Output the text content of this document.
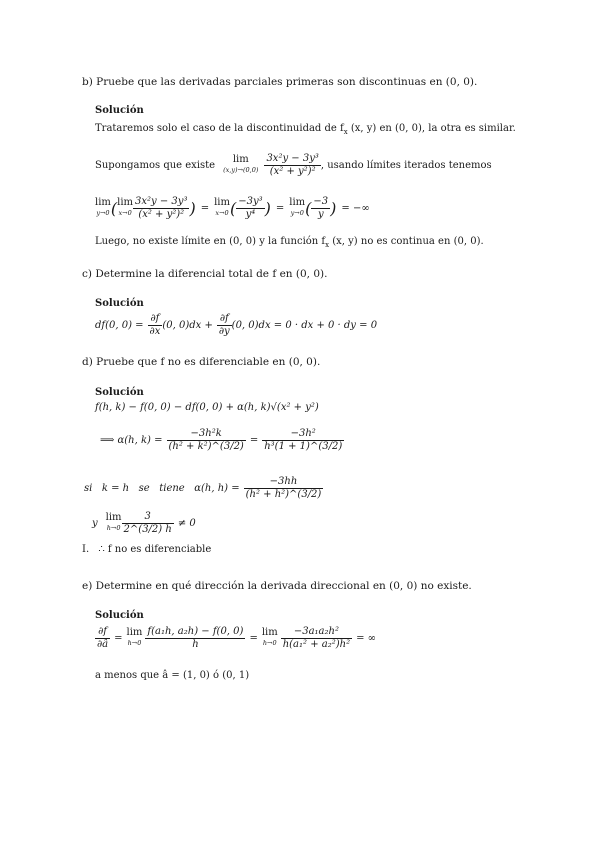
b) Pruebe que las derivadas parciales primeras son discontinuas en (0, 0).
Solución
Trataremos solo el caso de la discontinuidad de $f_x$ (x, y) en (0, 0), la otra es similar.
Supongamos que existe	lim
$(x,y)\to(0,0) \frac{\text{3x²y − 3y³}}{\text{(x² + y²)²}}$ , usando límites iterados tenemos
lim
y→0 ( lim
$x\to 0 \frac{\text{3x²y − 3y³}}{\text{(x² + y²)²}}$ ) = lim
x→0 ( $\frac{\text{−3y³}}{\text{y⁴}}$ ) = lim
y→0 ( $\frac{-3}{y}$ ) = −∞
Luego, no existe límite en (0, 0) y la función $f_x$ (x, y) no es continua en (0, 0).
c) Determine la diferencial total de f en (0, 0).
Solución
df(0, $0) = \frac{\partial f}{\partial x} (0$, $0)dx + \frac{\partial f}{\partial y} (0$, 0)dx = 0 · dx + 0 · dy = 0
d) Pruebe que f no es diferenciable en (0, 0).
Solución
f(h, k) − f(0, 0) − df(0, 0) + α(h, k)√(x² + y²)
⟹ α(h, $k) = \frac{\text{−3h²k}}{\text{(h² + k²)\textasciicircum{}(3/2)}} = \frac{\text{−3h²}}{\text{h³(1 + 1)\textasciicircum{}(3/2)}}$
si   k = h   se   tiene   α(h, $h) = \frac{-3hh}{\text{(h² + h²)\textasciicircum{}(3/2)}}$
y lim
$h\to 0 \frac{3}{2\^{}(3/2) h} \ne 0$
I. ∴ f no es diferenciable
e) Determine en qué dirección la derivada direccional en (0, 0) no existe.
Solución
$\frac{\partial f}{\partial â} = \lim$
$h\to 0 \frac{\text{f(a₁h, a₂h) − f(0, 0)}}{h} = \lim$
$h\to 0 \frac{\text{−3a₁a₂h²}}{\text{h(a₁² + a₂²)h²}}$ = ∞
a menos que â = (1, 0) ó (0, 1)
